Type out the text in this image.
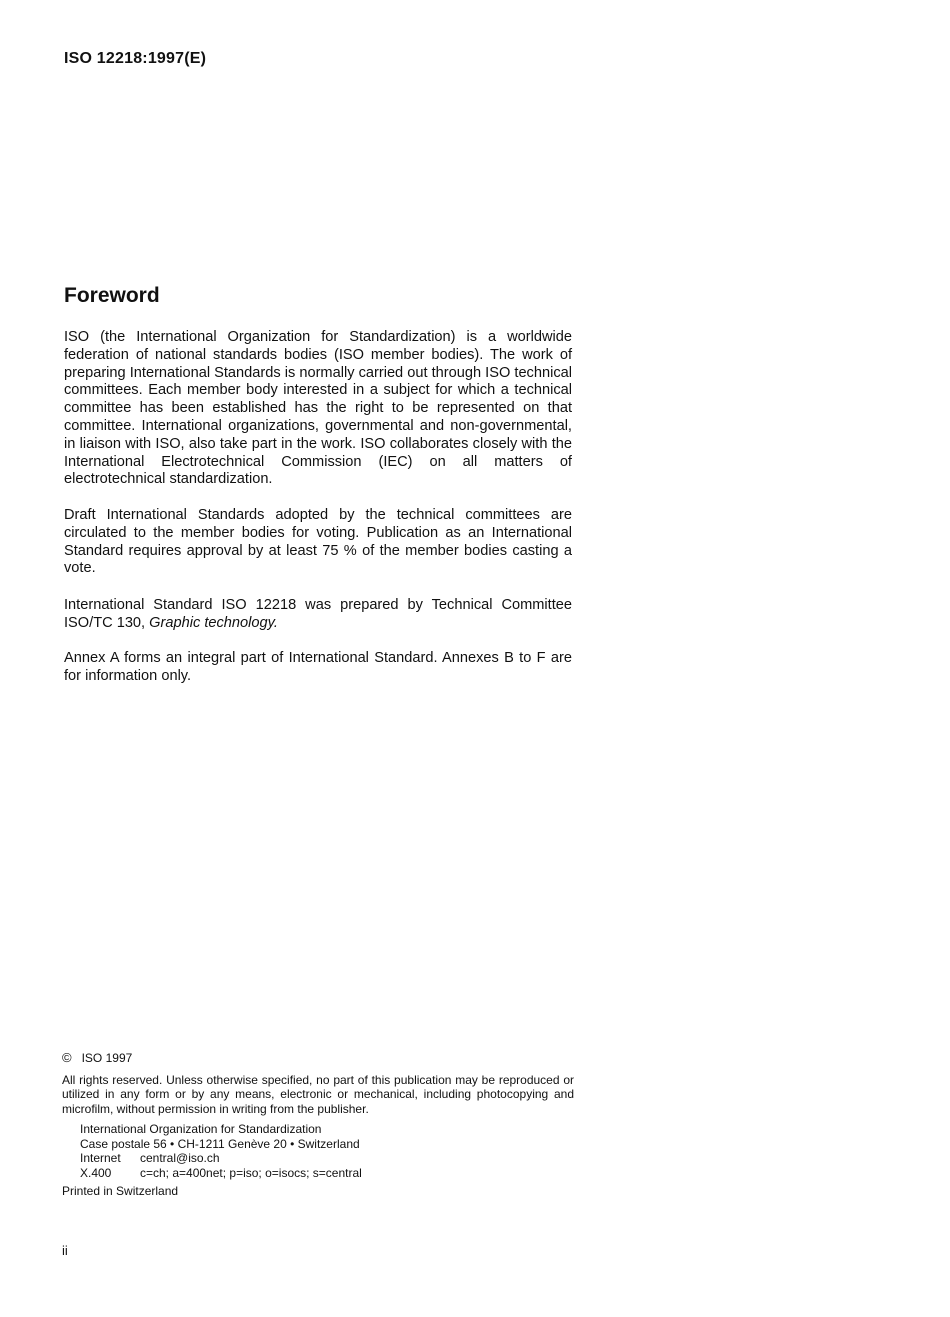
ISO 12218:1997(E)
Foreword

ISO (the International Organization for Standardization) is a worldwide federation of national standards bodies (ISO member bodies). The work of preparing International Standards is normally carried out through ISO technical committees. Each member body interested in a subject for which a technical committee has been established has the right to be represented on that committee. International organizations, governmental and non-governmental, in liaison with ISO, also take part in the work. ISO collaborates closely with the International Electrotechnical Commission (IEC) on all matters of electrotechnical standardization.

Draft International Standards adopted by the technical committees are circulated to the member bodies for voting. Publication as an International Standard requires approval by at least 75 % of the member bodies casting a vote.

International Standard ISO 12218 was prepared by Technical Committee ISO/TC 130, Graphic technology.

Annex A forms an integral part of International Standard. Annexes B to F are for information only.

© ISO 1997

All rights reserved. Unless otherwise specified, no part of this publication may be reproduced or utilized in any form or by any means, electronic or mechanical, including photocopying and microfilm, without permission in writing from the publisher.

International Organization for Standardization
Case postale 56 • CH-1211 Genève 20 • Switzerland
Internet	central@iso.ch
X.400	c=ch; a=400net; p=iso; o=isocs; s=central
Printed in Switzerland
ii
